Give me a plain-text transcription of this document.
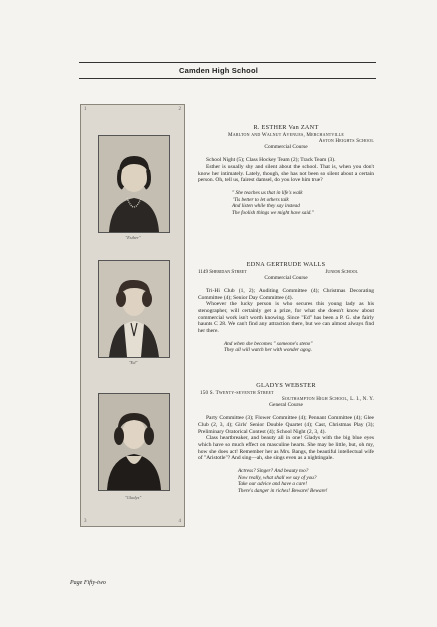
Camden High School
1	2
3	4
"Esther"
"Ed"
"Gladys"
R. ESTHER Van ZANT
Marlton and Walnut Avenues, Merchantville
Aston Heights School
Commercial Course

School Night (5); Class Hockey Team (2); Track Team (3).

Esther is usually shy and silent about the school. That is, when you don't know her intimately. Lately, though, she has not been so silent about a certain person. Oh, tell us, fairest damsel, do you love him true?

" She teaches us that in life's walk
'Tis better to let others talk
And listen while they say instead
The foolish things we might have said."
EDNA GERTRUDE WALLS
1149 Sheridan Street	Junior School
Commercial Course

Tri-Hi Club (1, 2); Auditing Committee (4); Christmas Decorating Committee (4); Senior Day Committee (4).

Whoever the lucky person is who secures this young lady as his stenographer, will certainly get a prize, for what she doesn't know about commercial work isn't worth knowing. Since "Ed" has been a P. G. she fairly haunts C 28. We can't find any attraction there, but we can almost always find her there.

And when she becomes " someone's steno"
They all will watch her with wonder agog.
GLADYS WEBSTER
150 S. Twenty-seventh Street
Southampton High School, L. I., N. Y.
General Course

Party Committee (3); Flower Committee (4); Pennant Committee (4); Glee Club (2, 3, 4); Girls' Senior Double Quartet (4); Cast, Christmas Play (3); Preliminary Oratorical Contest (4); School Night (2, 3, 4).

Class heartbreaker, and beauty all in one! Gladys with the big blue eyes which have so much effect on masculine hearts. She may be little, but, oh my, how she does act! Remember her as Mrs. Bangs, the beautiful intellectual wife of "Aristotle"? And sing—ah, she sings even as a nightingale.

Actress? Singer? And beauty too?
Now really, what shall we say of you?
Take our advice and have a care!
There's danger in riches! Beware! Beware!
Page Fifty-two
